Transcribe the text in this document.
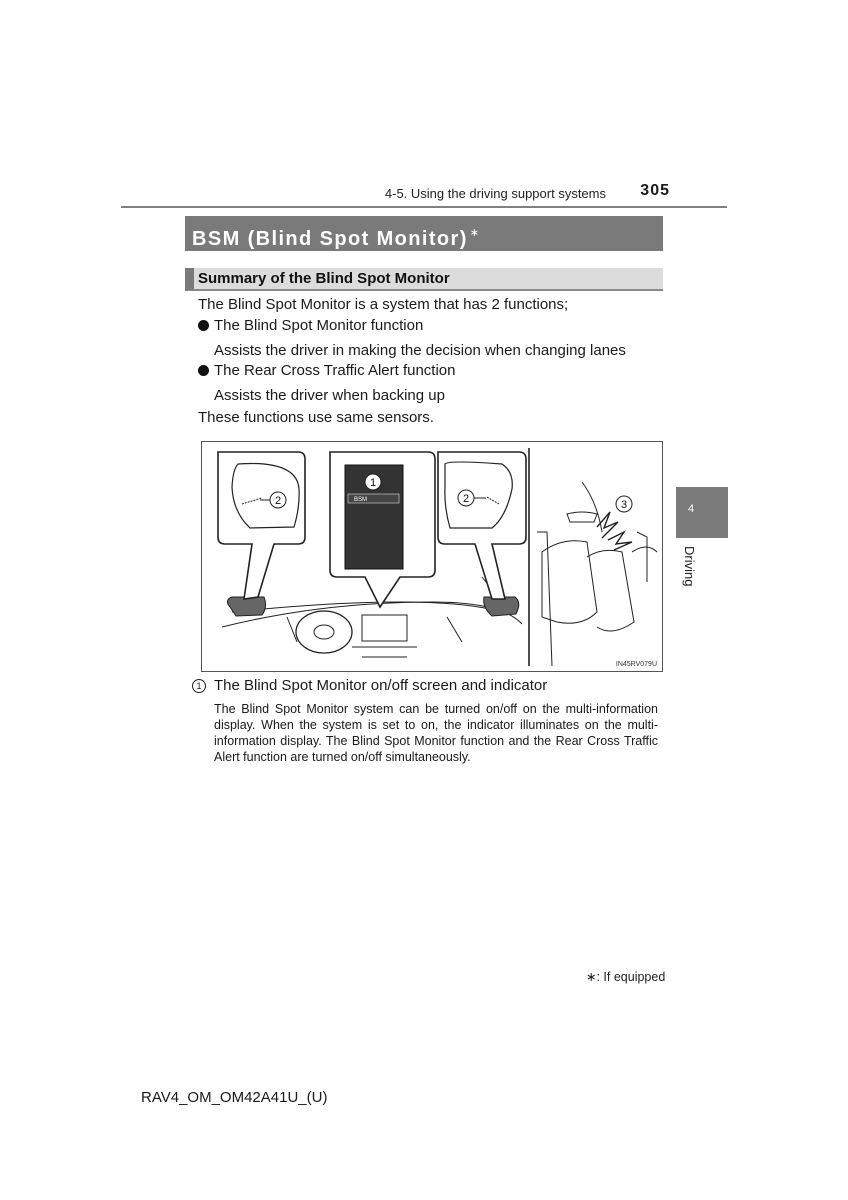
4-5. Using the driving support systems 305
BSM (Blind Spot Monitor) ∗
Summary of the Blind Spot Monitor
The Blind Spot Monitor is a system that has 2 functions;
The Blind Spot Monitor function
Assists the driver in making the decision when changing lanes
The Rear Cross Traffic Alert function
Assists the driver when backing up
These functions use same sensors.
2
1
BSM	2	3
IN45RV079U
1 The Blind Spot Monitor on/off screen and indicator
The Blind Spot Monitor system can be turned on/off on the multi-information display. When the system is set to on, the indicator illuminates on the multi-information display. The Blind Spot Monitor function and the Rear Cross Traffic Alert function are turned on/off simultaneously.
4
Driving
∗: If equipped
RAV4_OM_OM42A41U_(U)
